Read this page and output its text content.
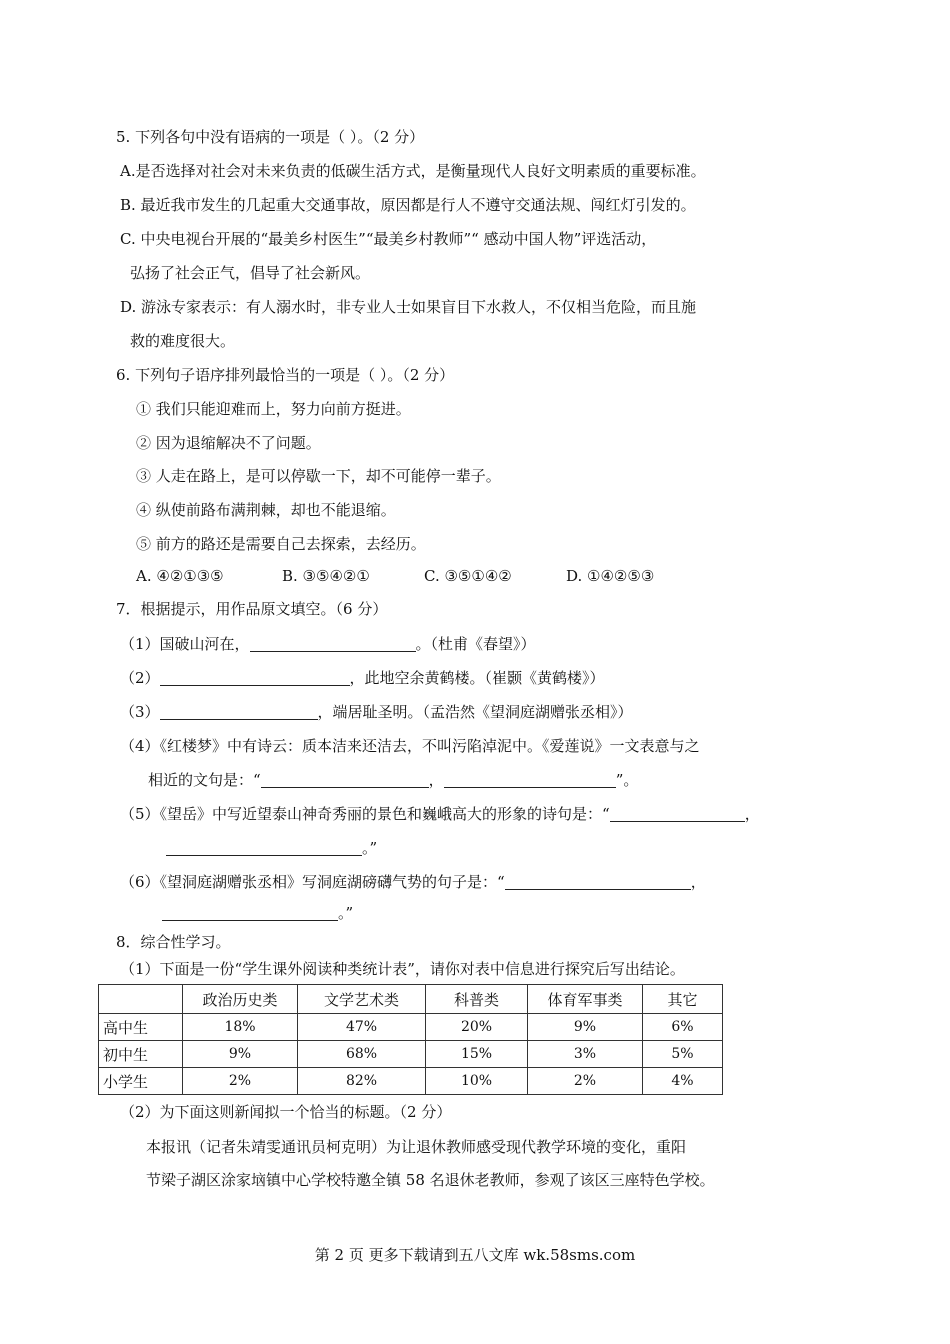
5. 下列各句中没有语病的一项是（ ）。（2 分）
A.是否选择对社会对未来负责的低碳生活方式，是衡量现代人良好文明素质的重要标准。
B. 最近我市发生的几起重大交通事故，原因都是行人不遵守交通法规、闯红灯引发的。
C. 中央电视台开展的“最美乡村医生”“最美乡村教师”“ 感动中国人物”评选活动，
弘扬了社会正气，倡导了社会新风。
D. 游泳专家表示：有人溺水时，非专业人士如果盲目下水救人，不仅相当危险，而且施
救的难度很大。
6. 下列句子语序排列最恰当的一项是（ ）。（2 分）
① 我们只能迎难而上，努力向前方挺进。
② 因为退缩解决不了问题。
③ 人走在路上，是可以停歇一下，却不可能停一辈子。
④ 纵使前路布满荆棘，却也不能退缩。
⑤ 前方的路还是需要自己去探索，去经历。
A. ④②①③⑤	B. ③⑤④②①	C. ③⑤①④②	D. ①④②⑤③
7．根据提示，用作品原文填空。（6 分）
（1）国破山河在，	。（杜甫《春望》）
（2）	，此地空余黄鹤楼。（崔颢《黄鹤楼》）
（3）	，端居耻圣明。（孟浩然《望洞庭湖赠张丞相》）
（4）《红楼梦》中有诗云：质本洁来还洁去，不叫污陷淖泥中。《爱莲说》一文表意与之
相近的文句是：“	，	”。
（5）《望岳》中写近望泰山神奇秀丽的景色和巍峨高大的形象的诗句是：“	，
。”
（6）《望洞庭湖赠张丞相》写洞庭湖磅礴气势的句子是：“	，
。”
8．综合性学习。
（1）下面是一份“学生课外阅读种类统计表”，请你对表中信息进行探究后写出结论。
	政治历史类	文学艺术类	科普类	体育军事类	其它
高中生	18%	47%	20%	9%	6%
初中生	9%	68%	15%	3%	5%
小学生	2%	82%	10%	2%	4%
（2）为下面这则新闻拟一个恰当的标题。（2 分）
本报讯（记者朱靖雯通讯员柯克明）为让退休教师感受现代教学环境的变化，重阳
节梁子湖区涂家垴镇中心学校特邀全镇 58 名退休老教师，参观了该区三座特色学校。
第 2 页 更多下载请到五八文库 wk.58sms.com
